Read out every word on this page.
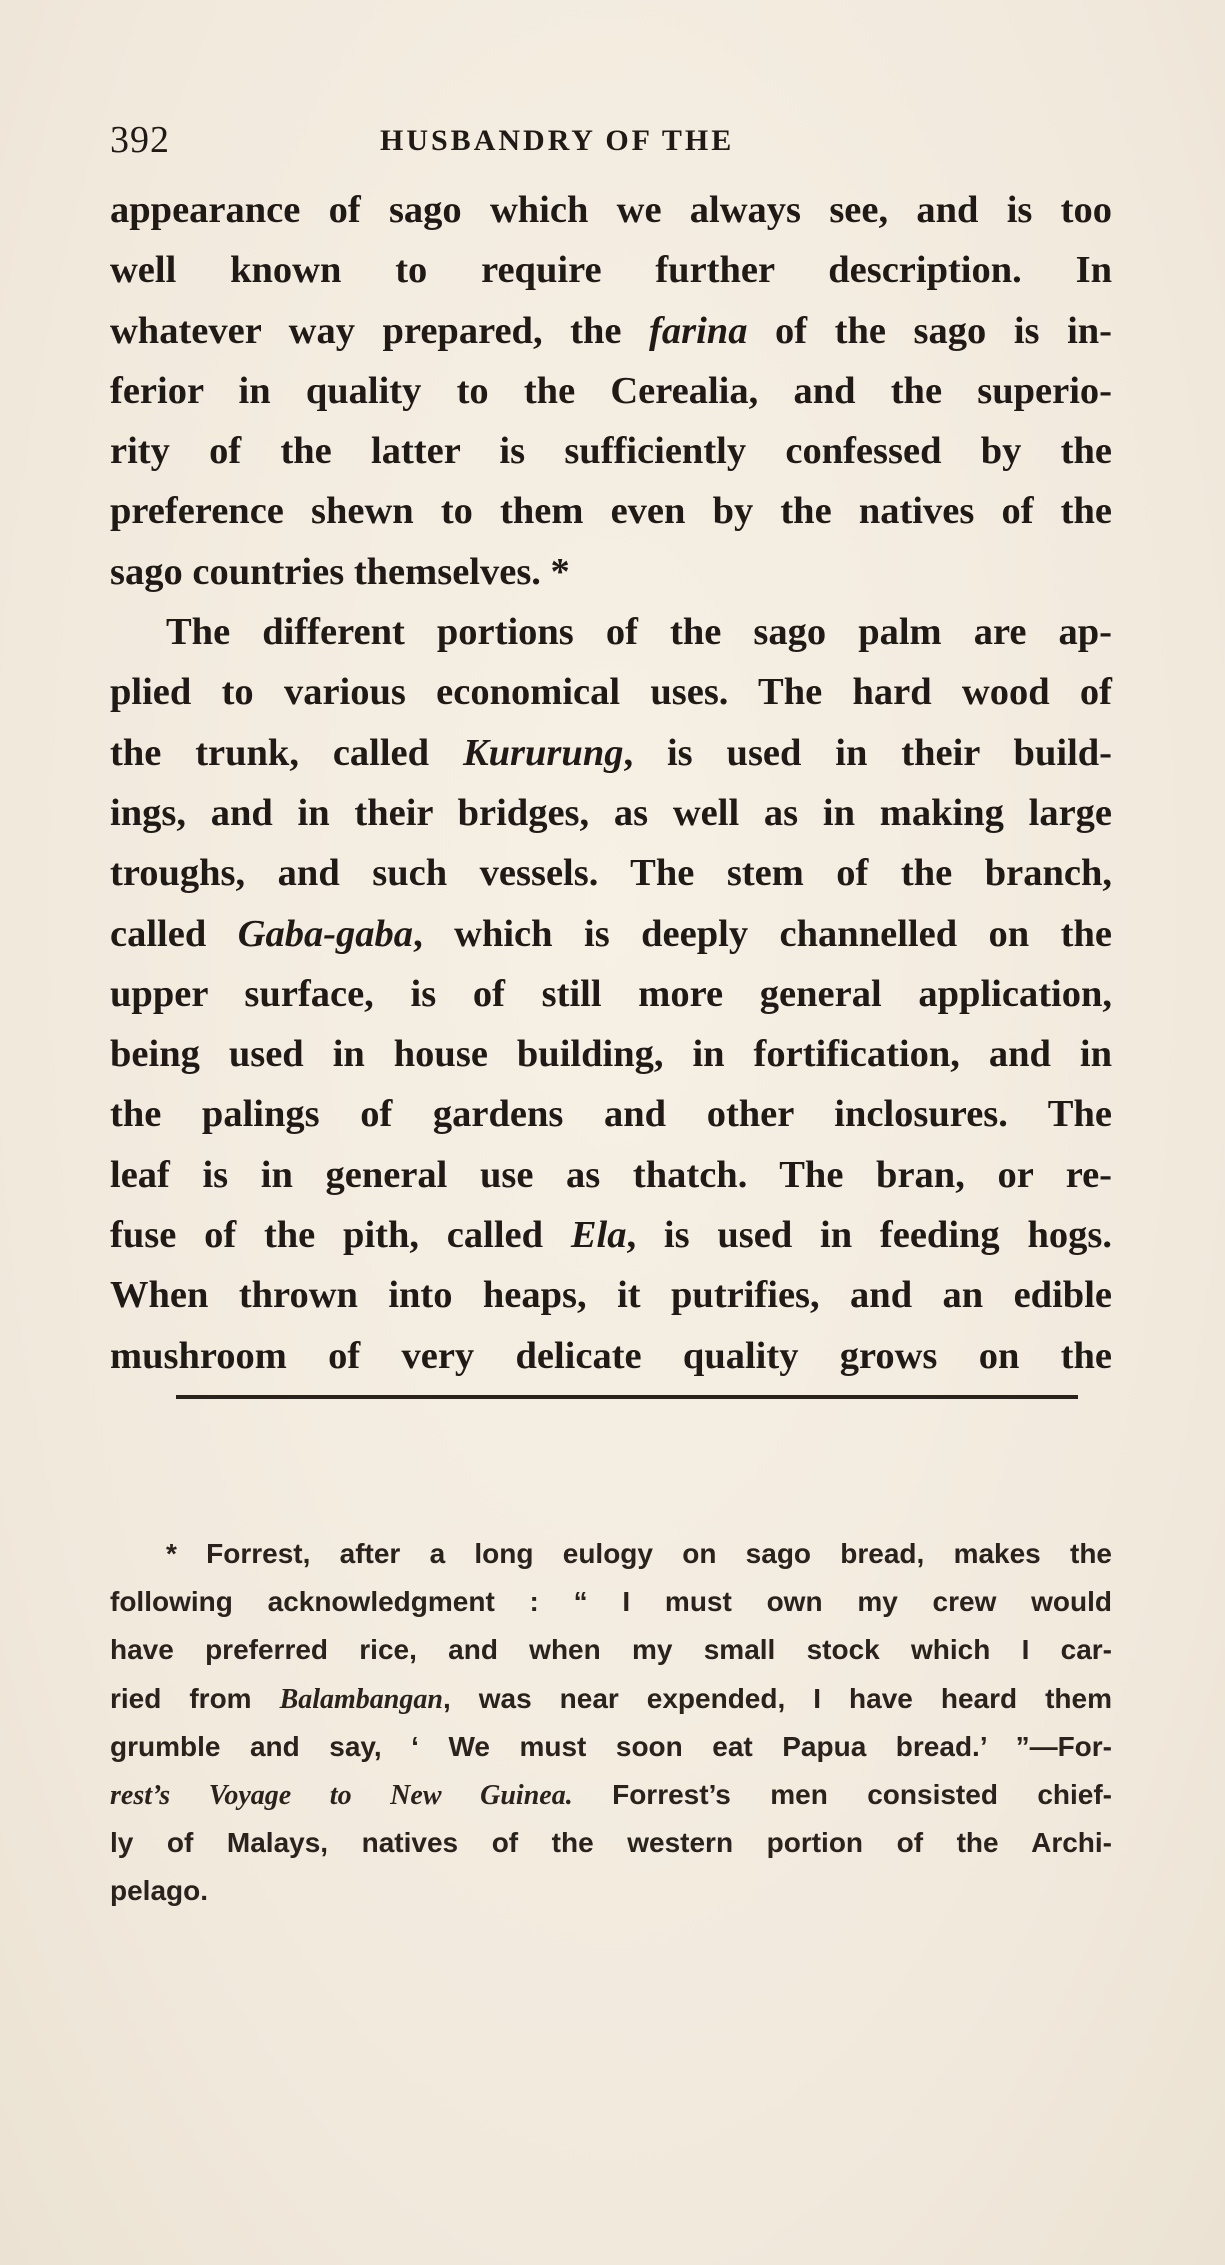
392	HUSBANDRY OF THE
appearance of sago which we always see, and is too
well known to require further description. In
whatever way prepared, the farina of the sago is in-
ferior in quality to the Cerealia, and the superio-
rity of the latter is sufficiently confessed by the
preference shewn to them even by the natives of the
sago countries themselves. *
The different portions of the sago palm are ap-
plied to various economical uses. The hard wood of
the trunk, called Kururung, is used in their build-
ings, and in their bridges, as well as in making large
troughs, and such vessels. The stem of the branch,
called Gaba-gaba, which is deeply channelled on the
upper surface, is of still more general application,
being used in house building, in fortification, and in
the palings of gardens and other inclosures. The
leaf is in general use as thatch. The bran, or re-
fuse of the pith, called Ela, is used in feeding hogs.
When thrown into heaps, it putrifies, and an edible
mushroom of very delicate quality grows on the
* Forrest, after a long eulogy on sago bread, makes the
following acknowledgment : “ I must own my crew would
have preferred rice, and when my small stock which I car-
ried from Balambangan, was near expended, I have heard them
grumble and say, ‘ We must soon eat Papua bread.’ ”—For-
rest’s Voyage to New Guinea. Forrest’s men consisted chief-
ly of Malays, natives of the western portion of the Archi-
pelago.
